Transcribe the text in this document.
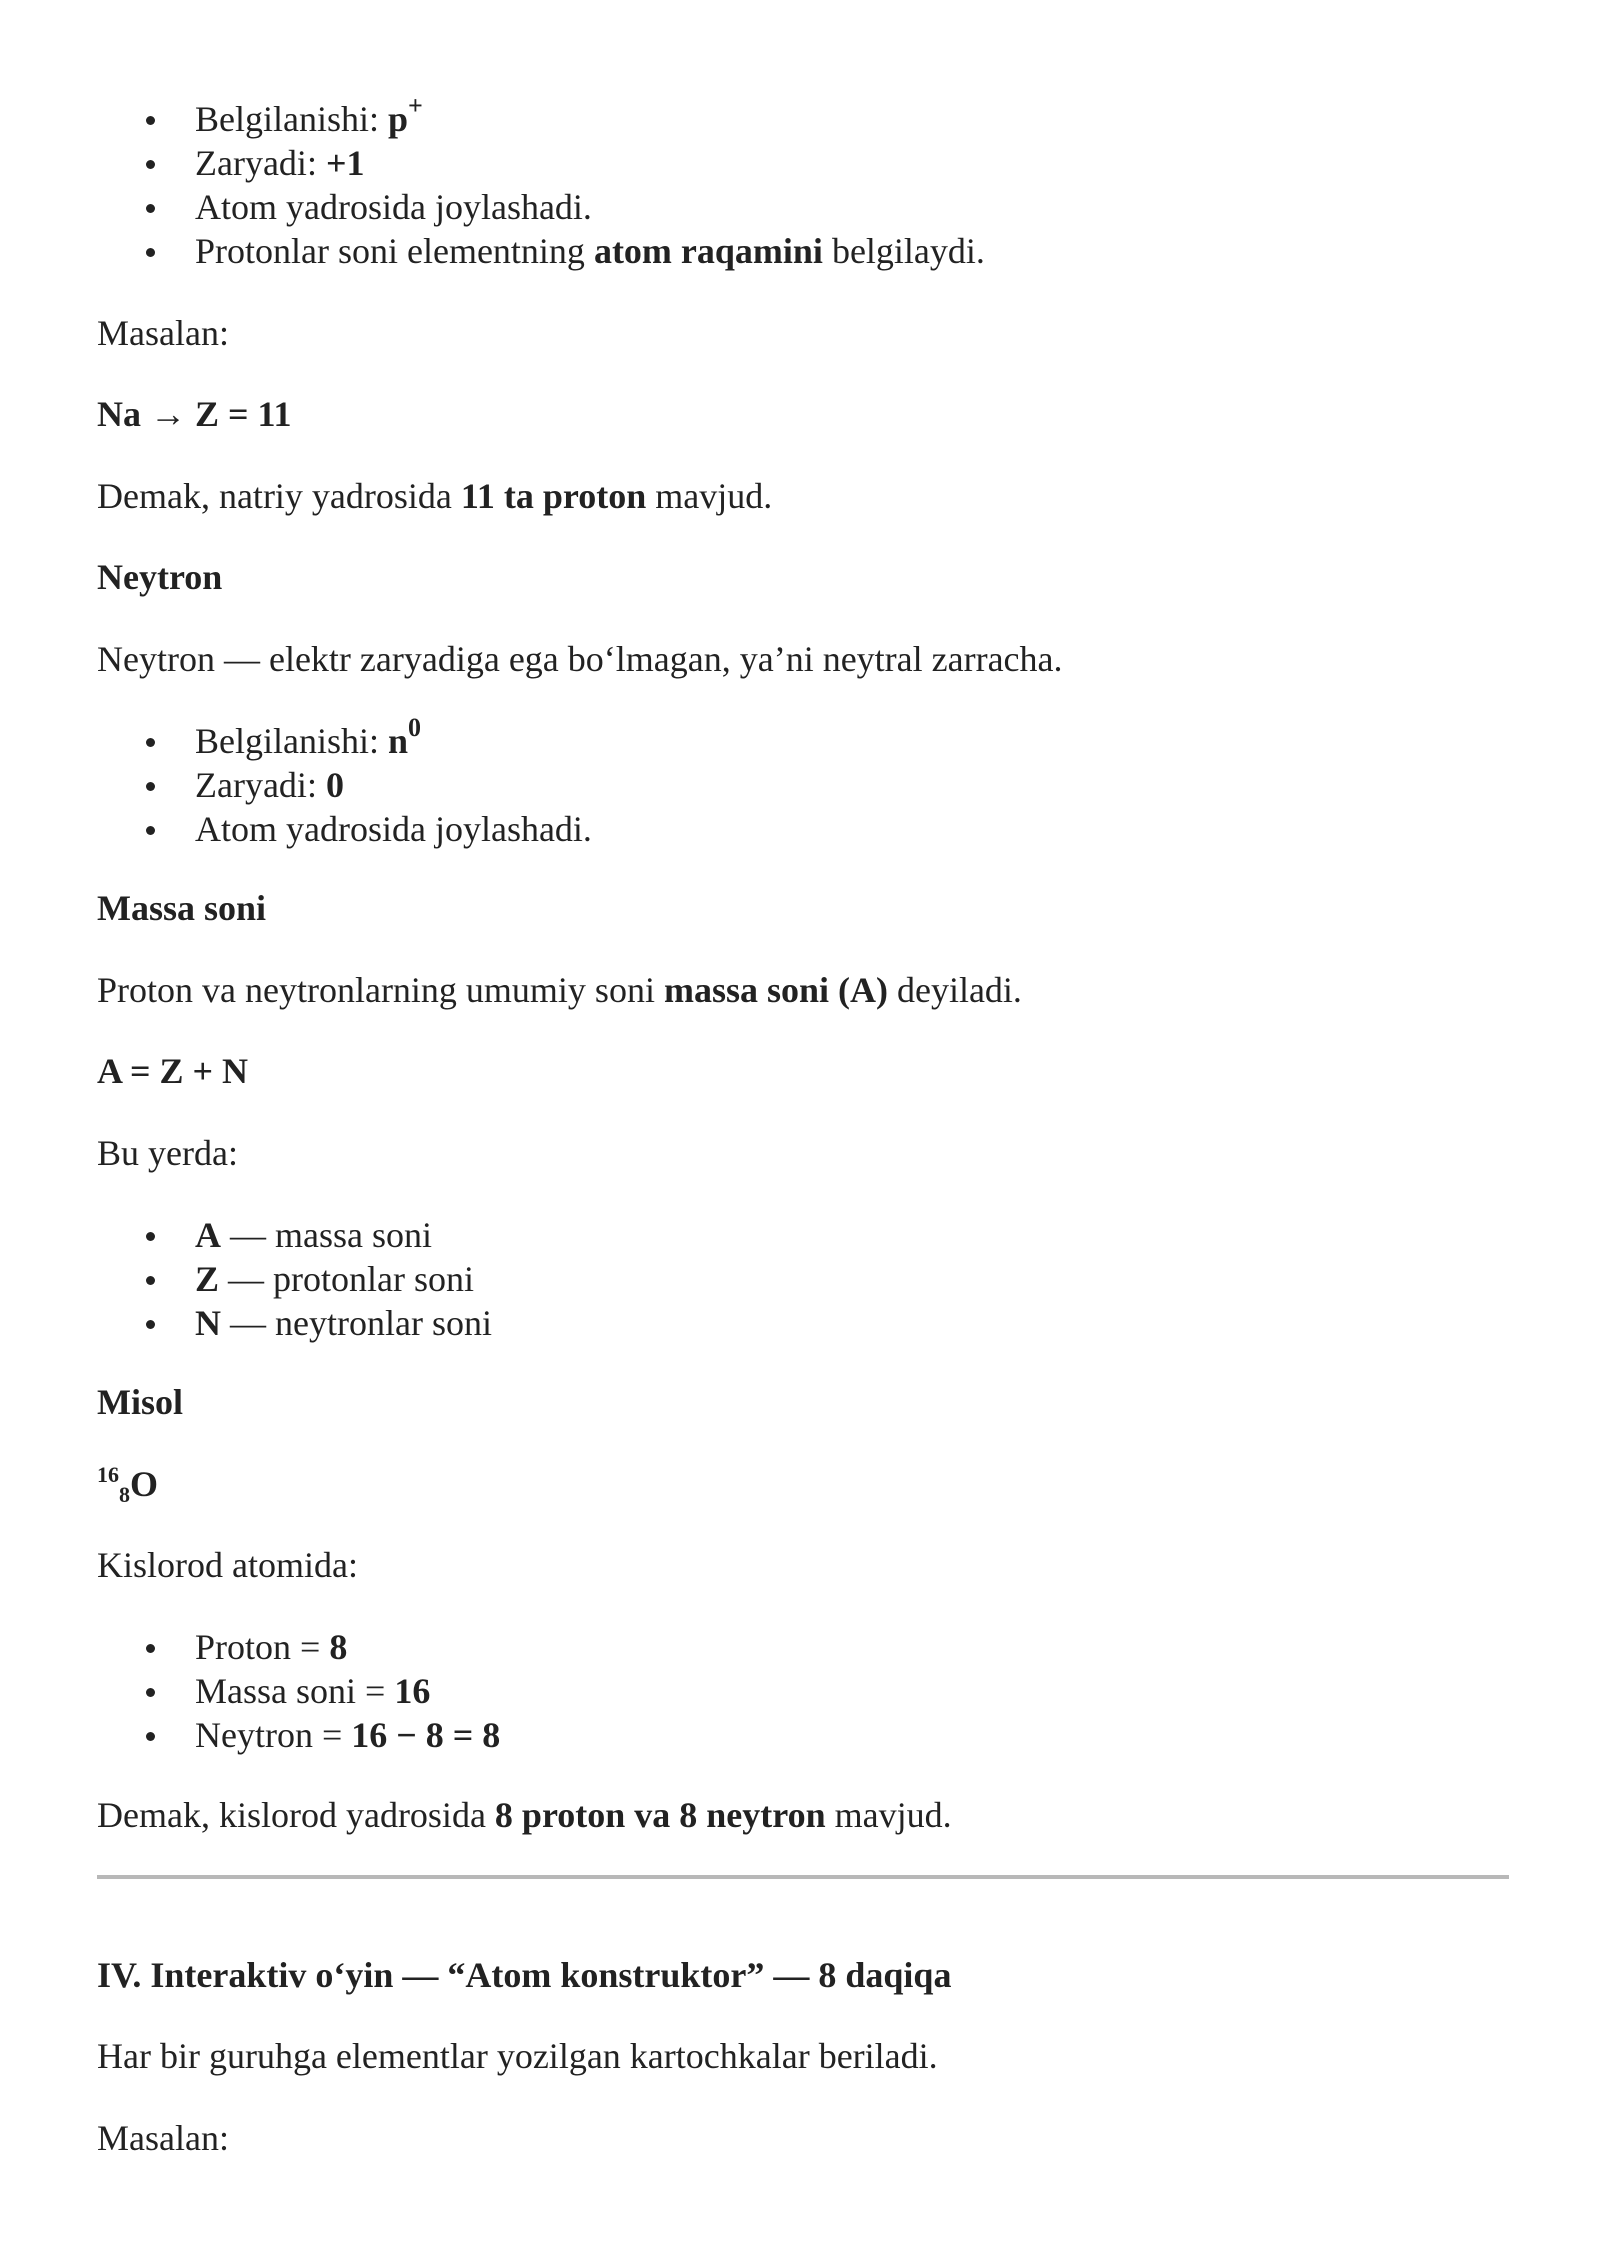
Belgilanishi: p+
Zaryadi: +1
Atom yadrosida joylashadi.
Protonlar soni elementning atom raqamini belgilaydi.
Masalan:
Na → Z = 11
Demak, natriy yadrosida 11 ta proton mavjud.
Neytron
Neytron — elektr zaryadiga ega bo‘lmagan, ya’ni neytral zarracha.
Belgilanishi: $n^0$
Zaryadi: 0
Atom yadrosida joylashadi.
Massa soni
Proton va neytronlarning umumiy soni massa soni (A) deyiladi.
A = Z + N
Bu yerda:
A — massa soni
Z — protonlar soni
N — neytronlar soni
Misol
$^{16}$8O
Kislorod atomida:
Proton = 8
Massa soni = 16
Neytron = 16 − 8 = 8
Demak, kislorod yadrosida 8 proton va 8 neytron mavjud.
IV. Interaktiv o‘yin — “Atom konstruktor” — 8 daqiqa
Har bir guruhga elementlar yozilgan kartochkalar beriladi.
Masalan:
